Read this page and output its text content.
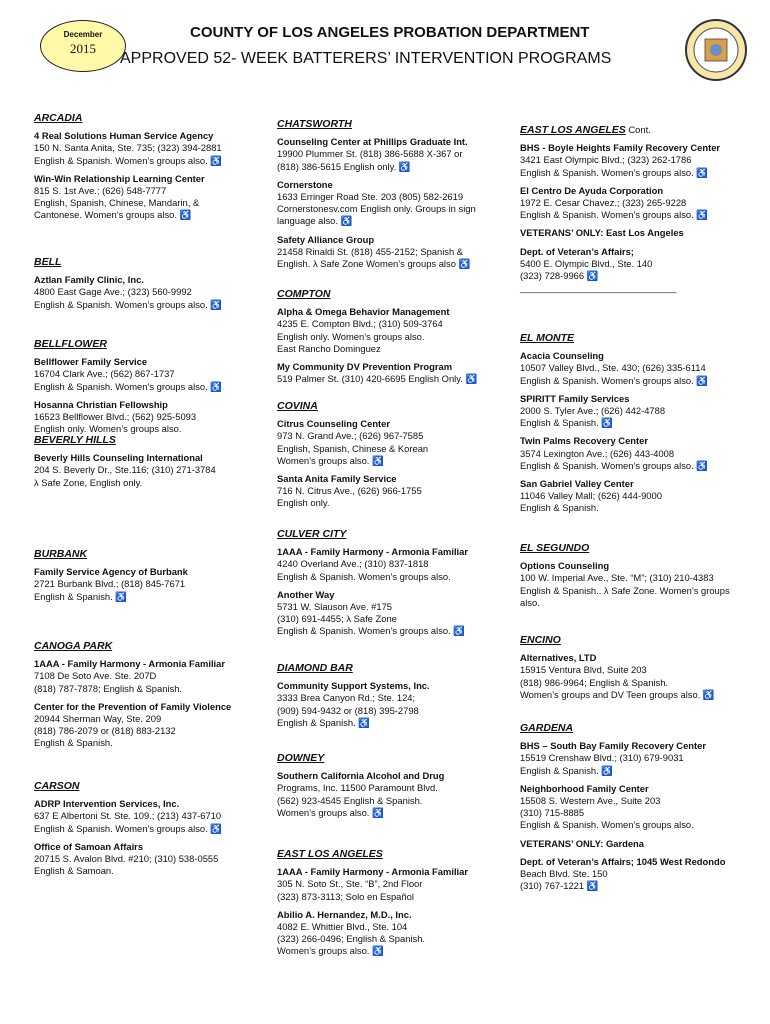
December
2015
COUNTY OF LOS ANGELES PROBATION DEPARTMENT
APPROVED 52- WEEK BATTERERS’ INTERVENTION PROGRAMS
ARCADIA
4 Real Solutions Human Service Agency
150 N. Santa Anita, Ste. 735; (323) 394-2881
English & Spanish. Women’s groups also. ♿
Win-Win Relationship Learning Center
815 S. 1st Ave.; (626) 548-7777
English, Spanish, Chinese, Mandarin, &
Cantonese. Women’s groups also. ♿
BELL
Aztlan Family Clinic, Inc.
4800 East Gage Ave.; (323) 560-9992
English & Spanish. Women’s groups also. ♿
BELLFLOWER
Bellflower Family Service
16704 Clark Ave.; (562) 867-1737
English & Spanish. Women’s groups also. ♿
Hosanna Christian Fellowship
16523 Bellflower Blvd.; (562) 925-5093
English only. Women’s groups also.
BEVERLY HILLS
Beverly Hills Counseling International
204 S. Beverly Dr., Ste.116; (310) 271-3784
λ Safe Zone, English only.
BURBANK
Family Service Agency of Burbank
2721 Burbank Blvd.; (818) 845-7671
English & Spanish. ♿
CANOGA PARK
1AAA - Family Harmony - Armonia Familiar
7108 De Soto Ave. Ste. 207D
(818) 787-7878; English & Spanish.
Center for the Prevention of Family Violence
20944 Sherman Way, Ste. 209
(818) 786-2079 or (818) 883-2132
English & Spanish.
CARSON
ADRP Intervention Services, Inc.
637 E Albertoni St. Ste. 109.; (213) 437-6710
English & Spanish. Women’s groups also. ♿
Office of Samoan Affairs
20715 S. Avalon Blvd. #210; (310) 538-0555
English & Samoan.
CHATSWORTH
Counseling Center at Phillips Graduate Int.
19900 Plummer St. (818) 386-5688 X-367 or
(818) 386-5615 English only. ♿
Cornerstone
1633 Erringer Road Ste. 203 (805) 582-2619
Cornerstonesv.com English only. Groups in sign
language also. ♿
Safety Alliance Group
21458 Rinaldi St. (818) 455-2152; Spanish &
English. λ Safe Zone Women’s groups also ♿
COMPTON
Alpha & Omega Behavior Management
4235 E. Compton Blvd.; (310) 509-3764
English only. Women’s groups also.
East Rancho Dominguez
My Community DV Prevention Program
519 Palmer St. (310) 420-6695 English Only. ♿
COVINA
Citrus Counseling Center
973 N. Grand Ave.; (626) 967-7585
English, Spanish, Chinese & Korean
Women’s groups also. ♿
Santa Anita Family Service
716 N. Citrus Ave., (626) 966-1755
English only.
CULVER CITY
1AAA - Family Harmony - Armonia Familiar
4240 Overland Ave.; (310) 837-1818
English & Spanish. Women’s groups also.
Another Way
5731 W. Slauson Ave. #175
(310) 691-4455; λ Safe Zone
English & Spanish. Women’s groups also. ♿
DIAMOND BAR
Community Support Systems, Inc.
3333 Brea Canyon Rd.; Ste. 124;
(909) 594-9432 or (818) 395-2798
English & Spanish. ♿
DOWNEY
Southern California Alcohol and Drug
Programs, Inc. 11500 Paramount Blvd.
(562) 923-4545 English & Spanish.
Women’s groups also. ♿
EAST LOS ANGELES
1AAA - Family Harmony - Armonia Familiar
305 N. Soto St., Ste. “B”, 2nd Floor
(323) 873-3113; Solo en Español
Abilio A. Hernandez, M.D., Inc.
4082 E. Whittier Blvd., Ste. 104
(323) 266-0496; English & Spanish.
Women’s groups also. ♿
EAST LOS ANGELES Cont.
BHS - Boyle Heights Family Recovery Center
3421 East Olympic Blvd.; (323) 262-1786
English & Spanish. Women’s groups also. ♿
El Centro De Ayuda Corporation
1972 E. Cesar Chavez.; (323) 265-9228
English & Spanish. Women’s groups also. ♿
VETERANS’ ONLY: East Los Angeles
Dept. of Veteran’s Affairs;
5400 E. Olympic Blvd., Ste. 140
(323) 728-9966 ♿
______________________________
EL MONTE
Acacia Counseling
10507 Valley Blvd., Ste. 430; (626) 335-6114
English & Spanish. Women’s groups also. ♿
SPIRITT Family Services
2000 S. Tyler Ave.; (626) 442-4788
English & Spanish. ♿
Twin Palms Recovery Center
3574 Lexington Ave.; (626) 443-4008
English & Spanish. Women’s groups also. ♿
San Gabriel Valley Center
11046 Valley Mall; (626) 444-9000
English & Spanish.
EL SEGUNDO
Options Counseling
100 W. Imperial Ave., Ste. “M”; (310) 210-4383
English & Spanish.. λ Safe Zone. Women’s groups
also.
ENCINO
Alternatives, LTD
15915 Ventura Blvd, Suite 203
(818) 986-9964; English & Spanish.
Women’s groups and DV Teen groups also. ♿
GARDENA
BHS – South Bay Family Recovery Center
15519 Crenshaw Blvd.; (310) 679-9031
English & Spanish. ♿
Neighborhood Family Center
15508 S. Western Ave., Suite 203
(310) 715-8885
English & Spanish. Women’s groups also.
VETERANS’ ONLY: Gardena
Dept. of Veteran’s Affairs; 1045 West Redondo
Beach Blvd. Ste. 150
(310) 767-1221 ♿
